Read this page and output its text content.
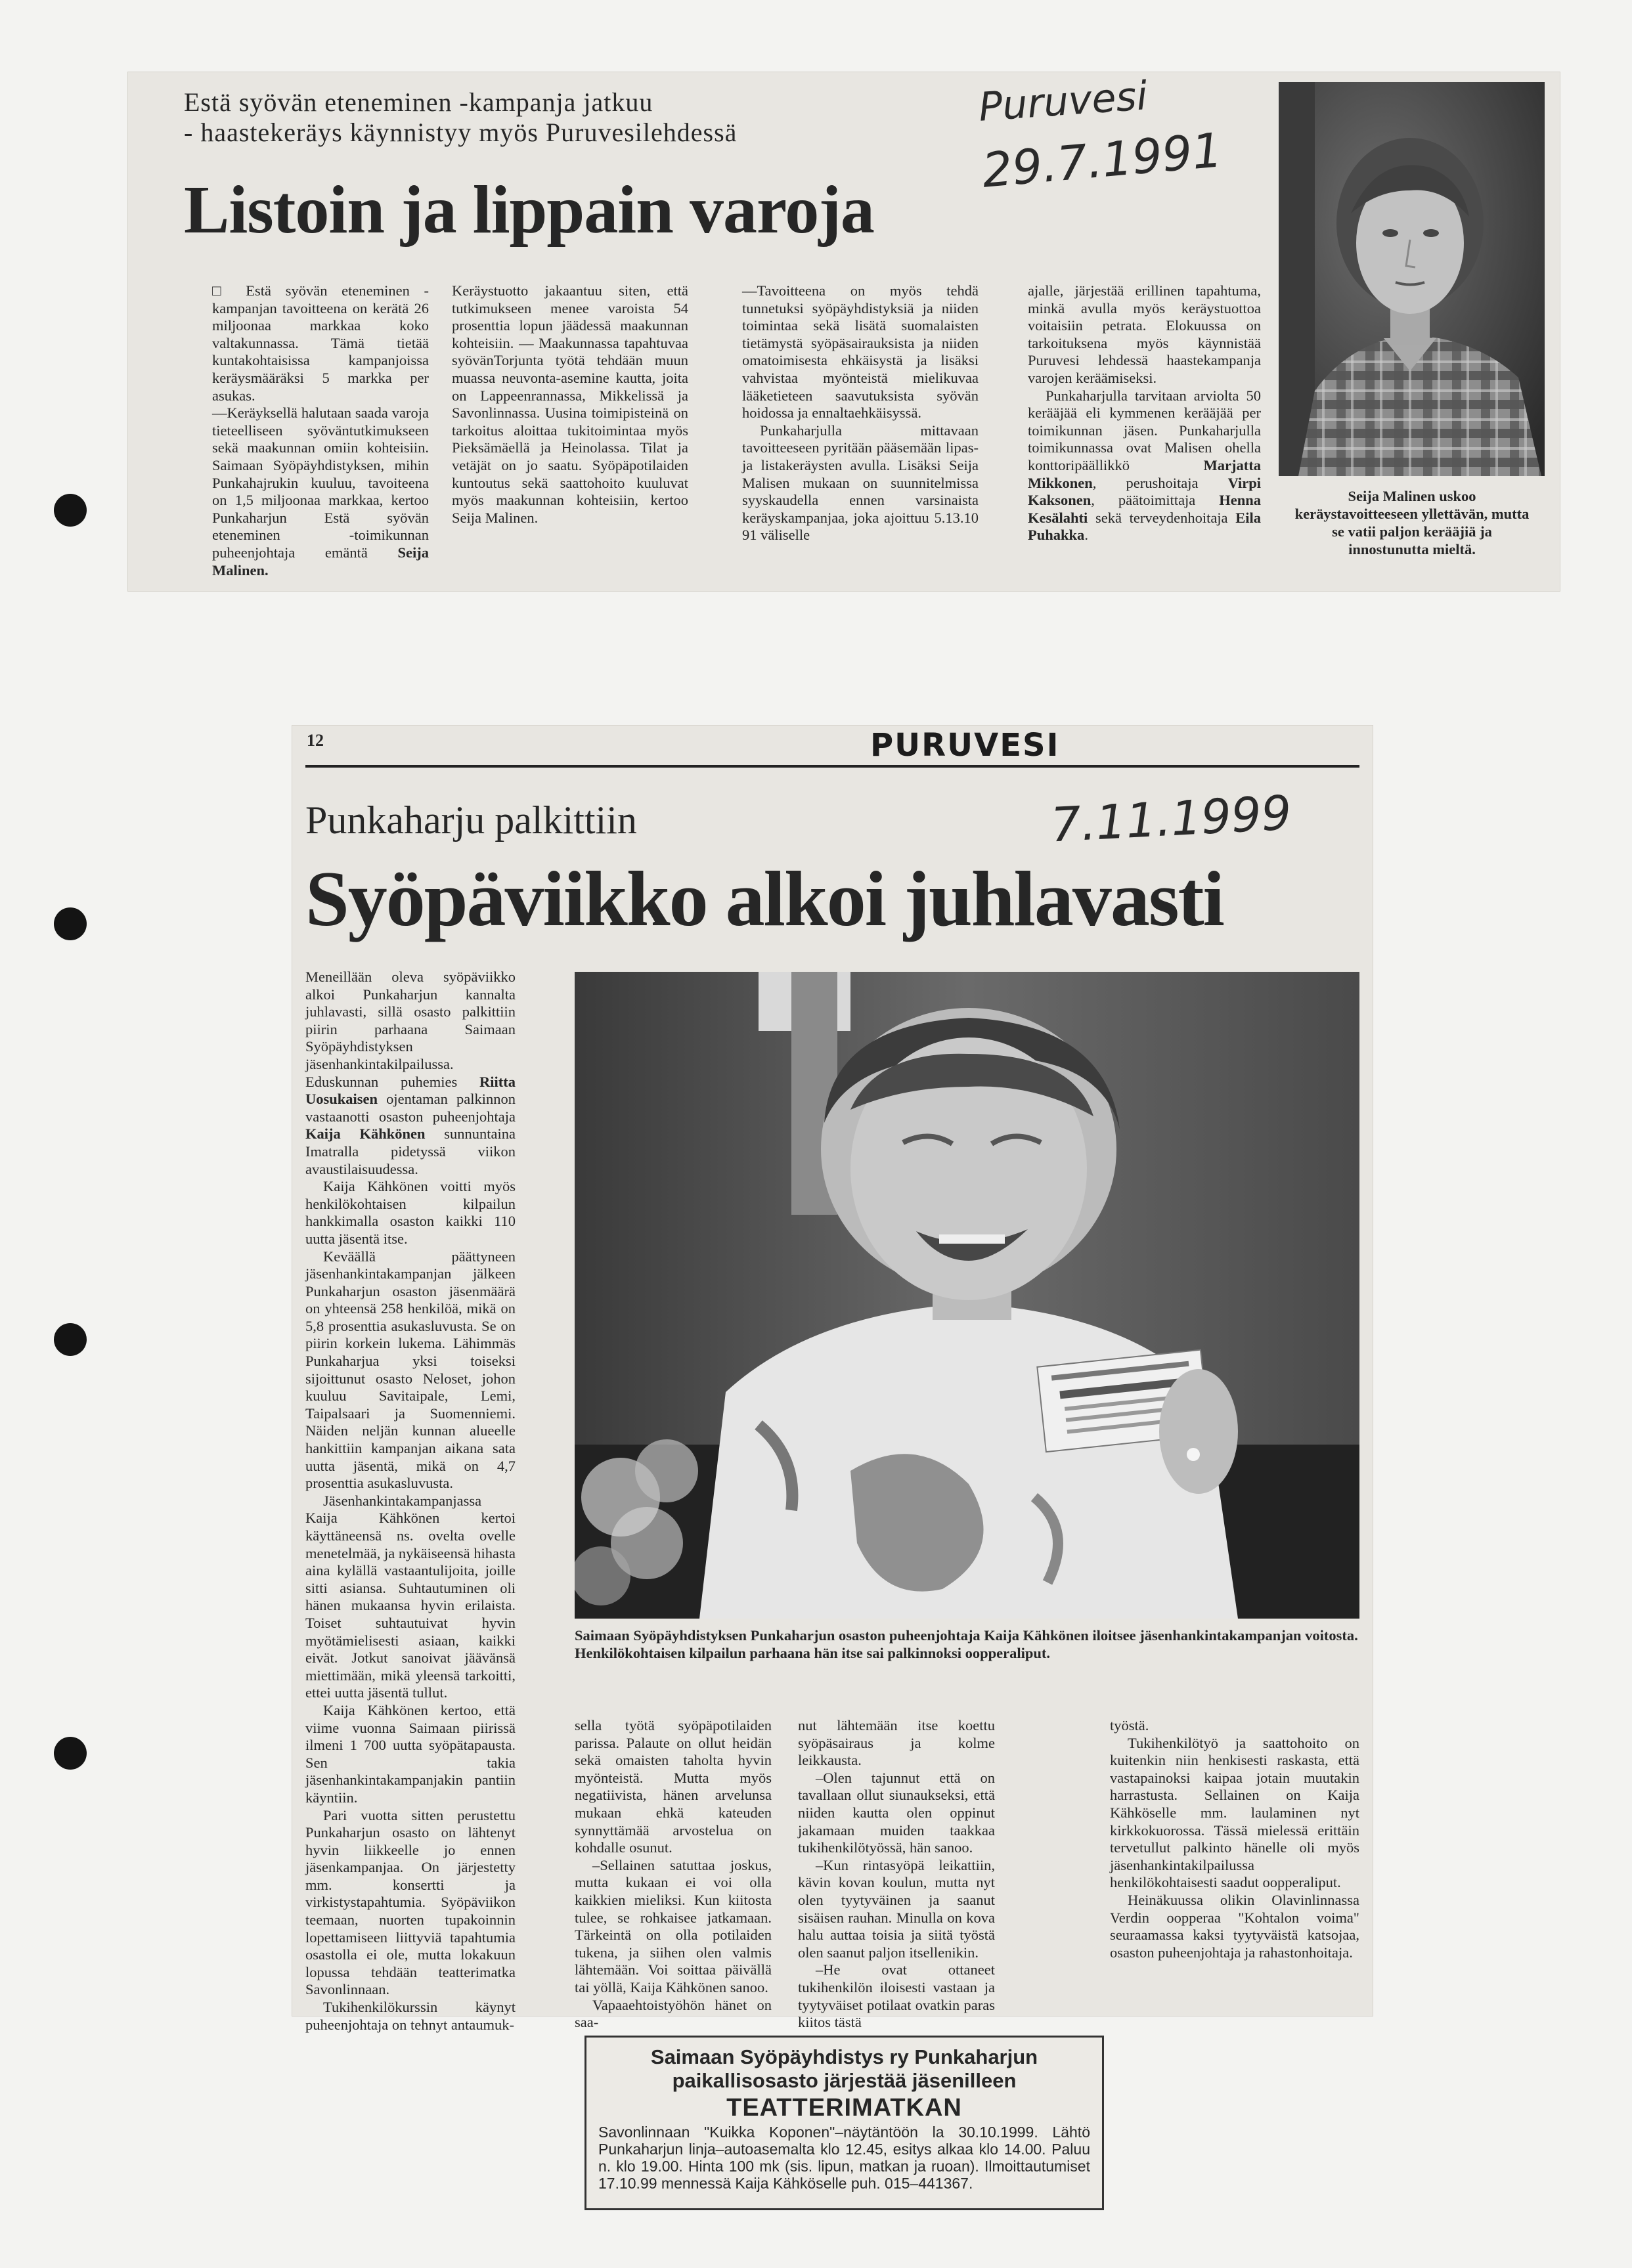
Estä syövän eteneminen -kampanja jatkuu
- haastekeräys käynnistyy myös Puruvesilehdessä
Listoin ja lippain varoja
Puruvesi
29.7.1991
□ Estä syövän eteneminen -kampanjan tavoitteena on kerätä 26 miljoonaa markkaa koko valtakunnassa. Tämä tietää kuntakohtaisissa kampanjoissa keräysmääräksi 5 markka per asukas.
—Keräyksellä halutaan saada varoja tieteelliseen syöväntutkimukseen sekä maakunnan omiin kohteisiin. Saimaan Syöpäyhdistyksen, mihin Punkahajrukin kuuluu, tavoiteena on 1,5 miljoonaa markkaa, kertoo Punkaharjun Estä syövän eteneminen -toimikunnan puheenjohtaja emäntä Seija Malinen.
Keräystuotto jakaantuu siten, että tutkimukseen menee varoista 54 prosenttia lopun jäädessä maakunnan kohteisiin. — Maakunnassa tapahtuvaa syövänTorjunta työtä tehdään muun muassa neuvonta-asemine kautta, joita on Lappeenrannassa, Mikkelissä ja Savonlinnassa. Uusina toimipisteinä on tarkoitus aloittaa tukitoimintaa myös Pieksämäellä ja Heinolassa. Tilat ja vetäjät on jo saatu. Syöpäpotilaiden kuntoutus sekä saattohoito kuuluvat myös maakunnan kohteisiin, kertoo Seija Malinen.

—Tavoitteena on myös tehdä tunnetuksi syöpäyhdistyksiä ja niiden toimintaa sekä lisätä suomalaisten tietämystä syöpäsairauksista ja niiden omatoimisesta ehkäisystä ja lisäksi vahvistaa myönteistä mielikuvaa lääketieteen saavutuksista syövän hoidossa ja ennaltaehkäisyssä.

Punkaharjulla mittavaan tavoitteeseen pyritään pääsemään lipas- ja listakeräysten avulla. Lisäksi Seija Malisen mukaan on suunnitelmissa syyskaudella ennen varsinaista keräyskampanjaa, joka ajoittuu 5.13.10 91 väliselle

ajalle, järjestää erillinen tapahtuma, minkä avulla myös keräystuottoa voitaisiin petrata. Elokuussa on tarkoituksena myös käynnistää Puruvesi lehdessä haastekampanja varojen keräämiseksi.

Punkaharjulla tarvitaan arviolta 50 kerääjää eli kymmenen kerääjää per toimikunnan jäsen. Punkaharjulla toimikunnassa ovat Malisen ohella konttoripäällikkö Marjatta Mikkonen, perushoitaja Virpi Kaksonen, päätoimittaja Henna Kesälahti sekä terveydenhoitaja Eila Puhakka.

Seija Malinen uskoo keräystavoitteeseen yllettävän, mutta se vatii paljon kerääjiä ja innostunutta mieltä.
12	PURUVESI
Punkaharju palkittiin	7.11.1999
Syöpäviikko alkoi juhlavasti

Meneillään oleva syöpäviikko alkoi Punkaharjun kannalta juhlavasti, sillä osasto palkittiin piirin parhaana Saimaan Syöpäyhdistyksen jäsenhankintakilpailussa. Eduskunnan puhemies Riitta Uosukaisen ojentaman palkinnon vastaanotti osaston puheenjohtaja Kaija Kähkönen sunnuntaina Imatralla pidetyssä viikon avaustilaisuudessa.

Kaija Kähkönen voitti myös henkilökohtaisen kilpailun hankkimalla osaston kaikki 110 uutta jäsentä itse.

Keväällä päättyneen jäsenhankintakampanjan jälkeen Punkaharjun osaston jäsenmäärä on yhteensä 258 henkilöä, mikä on 5,8 prosenttia asukasluvusta. Se on piirin korkein lukema. Lähimmäs Punkaharjua yksi toiseksi sijoittunut osasto Neloset, johon kuuluu Savitaipale, Lemi, Taipalsaari ja Suomenniemi. Näiden neljän kunnan alueelle hankittiin kampanjan aikana sata uutta jäsentä, mikä on 4,7 prosenttia asukasluvusta.

Jäsenhankintakampanjassa Kaija Kähkönen kertoi käyttäneensä ns. ovelta ovelle menetelmää, ja nykäiseensä hihasta aina kylällä vastaantulijoita, joille sitti asiansa. Suhtautuminen oli hänen mukaansa hyvin erilaista. Toiset suhtautuivat hyvin myötämielisesti asiaan, kaikki eivät. Jotkut sanoivat jäävänsä miettimään, mikä yleensä tarkoitti, ettei uutta jäsentä tullut.

Kaija Kähkönen kertoo, että viime vuonna Saimaan piirissä ilmeni 1 700 uutta syöpätapausta. Sen takia jäsenhankintakampanjakin pantiin käyntiin.

Pari vuotta sitten perustettu Punkaharjun osasto on lähtenyt hyvin liikkeelle jo ennen jäsenkampanjaa. On järjestetty mm. konsertti ja virkistystapahtumia. Syöpäviikon teemaan, nuorten tupakoinnin lopettamiseen liittyviä tapahtumia osastolla ei ole, mutta lokakuun lopussa tehdään teatterimatka Savonlinnaan.

Tukihenkilökurssin käynyt puheenjohtaja on tehnyt antaumuk-

Saimaan Syöpäyhdistyksen Punkaharjun osaston puheenjohtaja Kaija Kähkönen iloitsee jäsenhankintakampanjan voitosta. Henkilökohtaisen kilpailun parhaana hän itse sai palkinnoksi oopperaliput.

sella työtä syöpäpotilaiden parissa. Palaute on ollut heidän sekä omaisten taholta hyvin myönteistä. Mutta myös negatiivista, hänen arvelunsa mukaan ehkä kateuden synnyttämää arvostelua on kohdalle osunut.

–Sellainen satuttaa joskus, mutta kukaan ei voi olla kaikkien mieliksi. Kun kiitosta tulee, se rohkaisee jatkamaan. Tärkeintä on olla potilaiden tukena, ja siihen olen valmis lähtemään. Voi soittaa päivällä tai yöllä, Kaija Kähkönen sanoo.

Vapaaehtoistyöhön hänet on saa-

nut lähtemään itse koettu syöpäsairaus ja kolme leikkausta.

–Olen tajunnut että on tavallaan ollut siunaukseksi, että niiden kautta olen oppinut jakamaan muiden taakkaa tukihenkilötyössä, hän sanoo.

–Kun rintasyöpä leikattiin, kävin kovan koulun, mutta nyt olen tyytyväinen ja saanut sisäisen rauhan. Minulla on kova halu auttaa toisia ja siitä työstä olen saanut paljon itsellenikin.

–He ovat ottaneet tukihenkilön iloisesti vastaan ja tyytyväiset potilaat ovatkin paras kiitos tästä

työstä.

Tukihenkilötyö ja saattohoito on kuitenkin niin henkisesti raskasta, että vastapainoksi kaipaa jotain muutakin harrastusta. Sellainen on Kaija Kähköselle mm. laulaminen nyt kirkkokuorossa. Tässä mielessä erittäin tervetullut palkinto hänelle oli myös jäsenhankintakilpailussa henkilökohtaisesti saadut oopperaliput.

Heinäkuussa olikin Olavinlinnassa Verdin oopperaa "Kohtalon voima" seuraamassa kaksi tyytyväistä katsojaa, osaston puheenjohtaja ja rahastonhoitaja.

Saimaan Syöpäyhdistys ry Punkaharjun
paikallisosasto järjestää jäsenilleen
TEATTERIMATKAN
Savonlinnaan "Kuikka Koponen"–näytäntöön la 30.10.1999. Lähtö Punkaharjun linja–autoasemalta klo 12.45, esitys alkaa klo 14.00. Paluu n. klo 19.00. Hinta 100 mk (sis. lipun, matkan ja ruoan). Ilmoittautumiset 17.10.99 mennessä Kaija Kähköselle puh. 015–441367.
